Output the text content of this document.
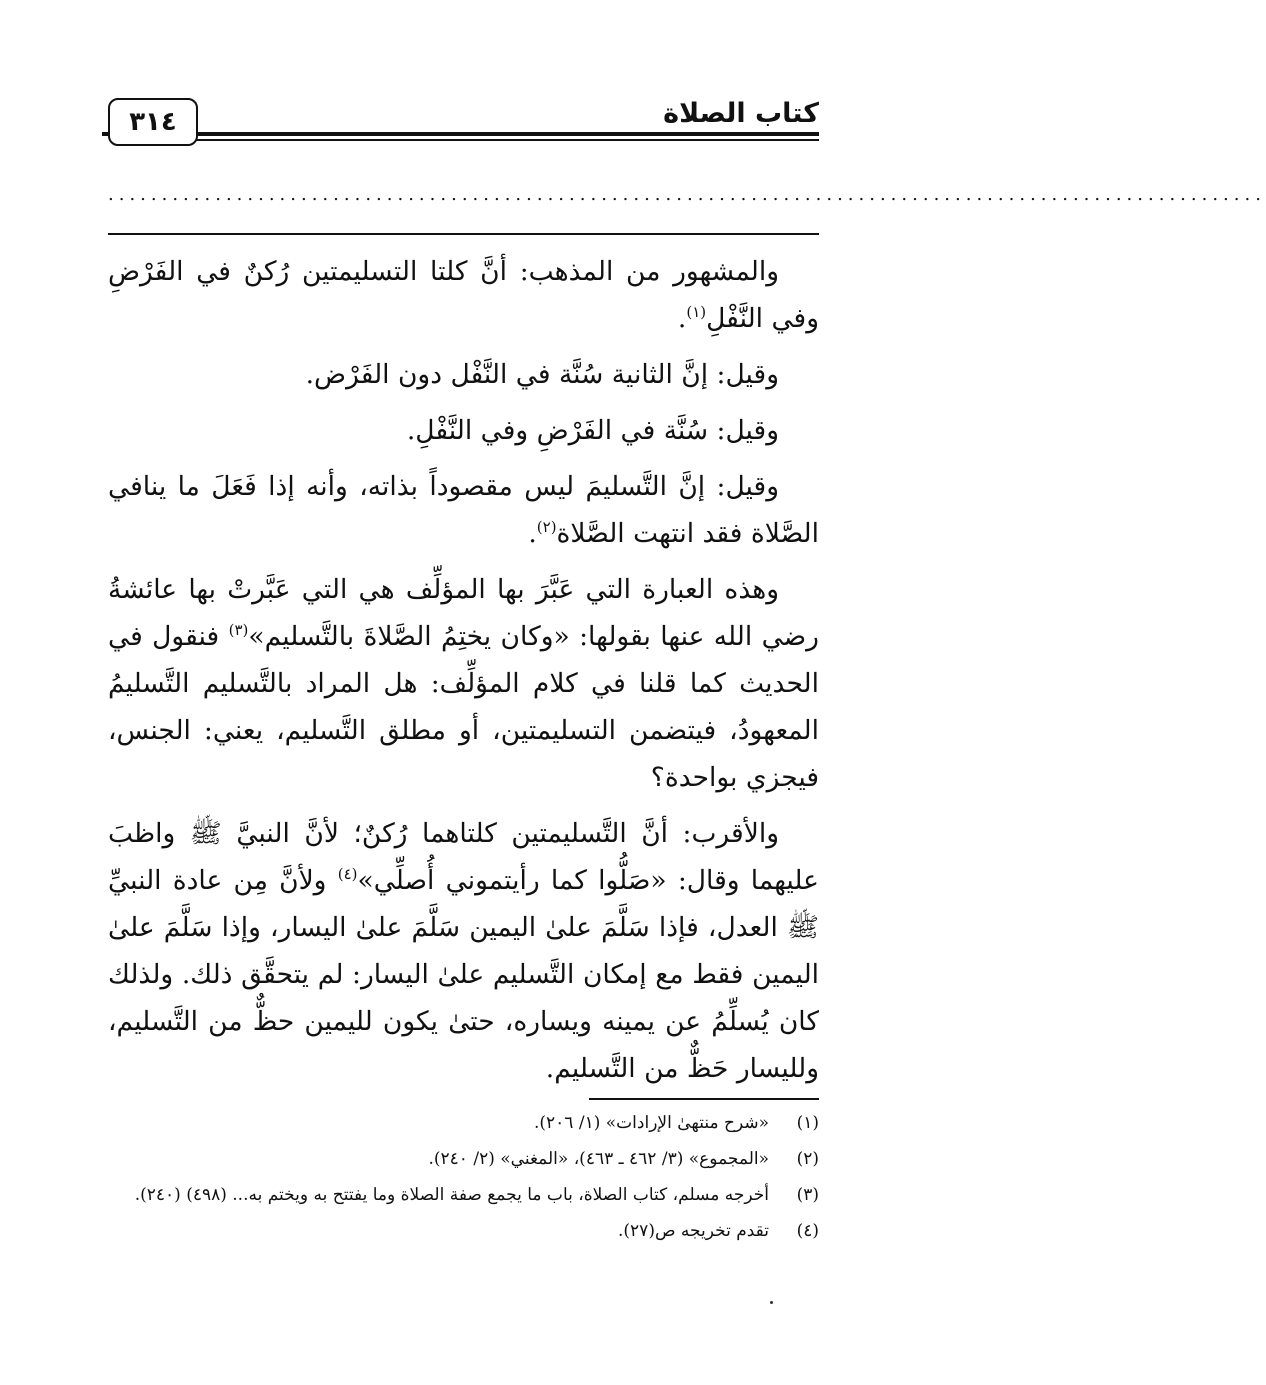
٣١٤	كتاب الصلاة
............................................................................................................

والمشهور من المذهب: أنَّ كلتا التسليمتين رُكنٌ في الفَرْضِ وفي النَّفْلِ$^{(١)}$.

وقيل: إنَّ الثانية سُنَّة في النَّفْل دون الفَرْض.

وقيل: سُنَّة في الفَرْضِ وفي النَّفْلِ.

وقيل: إنَّ التَّسليمَ ليس مقصوداً بذاته، وأنه إذا فَعَلَ ما ينافي الصَّلاة فقد انتهت الصَّلاة$^{(٢)}$.

وهذه العبارة التي عَبَّرَ بها المؤلِّف هي التي عَبَّرتْ بها عائشةُ رضي الله عنها بقولها: «وكان يختِمُ الصَّلاةَ بالتَّسليم»$^{(٣)}$ فنقول في الحديث كما قلنا في كلام المؤلِّف: هل المراد بالتَّسليم التَّسليمُ المعهودُ، فيتضمن التسليمتين، أو مطلق التَّسليم، يعني: الجنس، فيجزي بواحدة؟

والأقرب: أنَّ التَّسليمتين كلتاهما رُكنٌ؛ لأنَّ النبيَّ ﷺ واظبَ عليهما وقال: «صَلُّوا كما رأيتموني أُصلِّي»$^{(٤)}$ ولأنَّ مِن عادة النبيِّ ﷺ العدل، فإذا سَلَّمَ علىٰ اليمين سَلَّمَ علىٰ اليسار، وإذا سَلَّمَ علىٰ اليمين فقط مع إمكان التَّسليم علىٰ اليسار: لم يتحقَّق ذلك. ولذلك كان يُسلِّمُ عن يمينه ويساره، حتىٰ يكون لليمين حظٌّ من التَّسليم، ولليسار حَظٌّ من التَّسليم.

(١)
«شرح منتهىٰ الإرادات» (١/ ٢٠٦).
(٢)
«المجموع» (٣/ ٤٦٢ ـ ٤٦٣)، «المغني» (٢/ ٢٤٠).
(٣)
أخرجه مسلم، كتاب الصلاة، باب ما يجمع صفة الصلاة وما يفتتح به ويختم به... (٤٩٨) (٢٤٠).
(٤)
تقدم تخريجه ص(٢٧).
